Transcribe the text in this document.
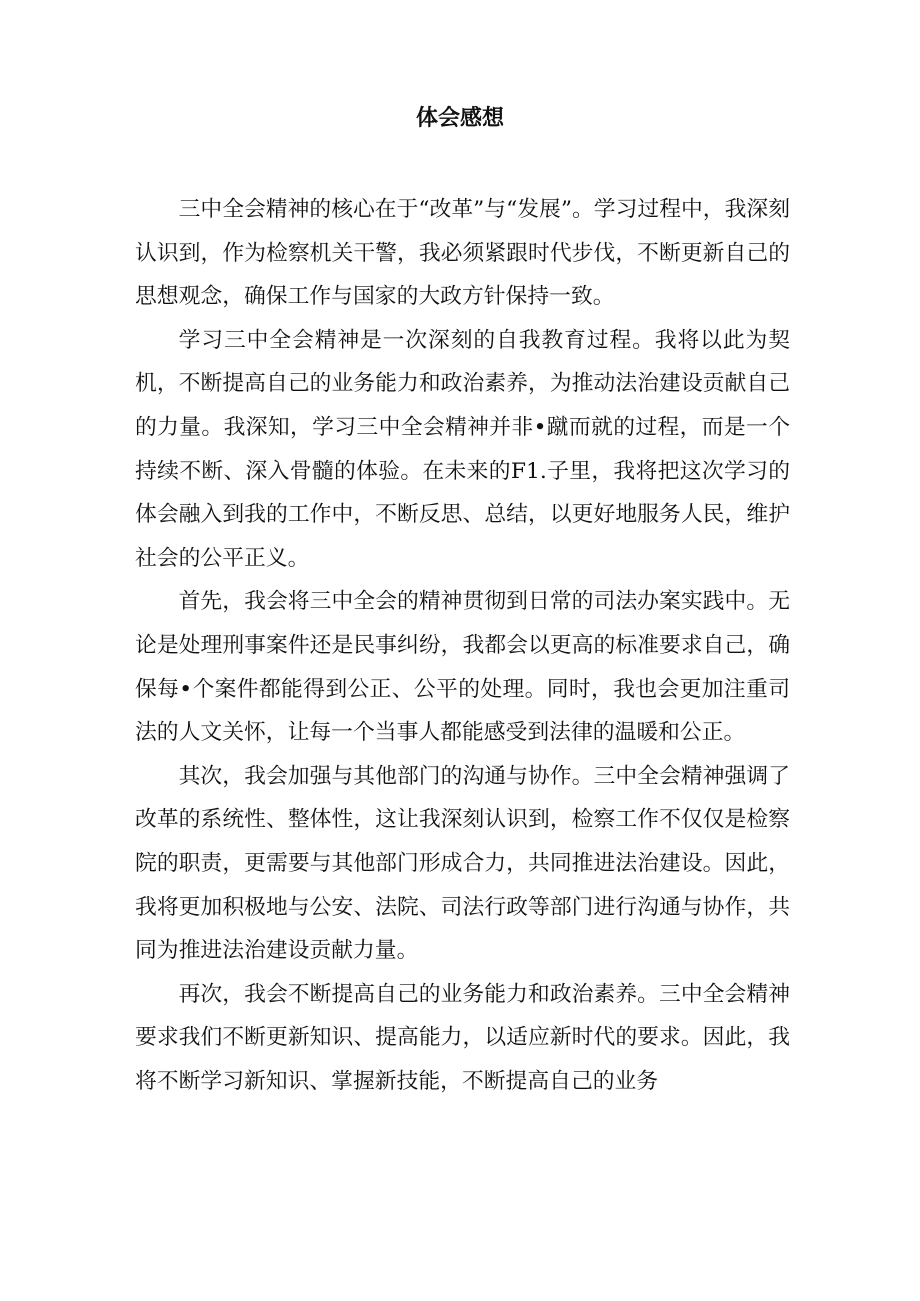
体会感想

三中全会精神的核心在于“改革”与“发展”。学习过程中，我深刻认识到，作为检察机关干警，我必须紧跟时代步伐，不断更新自己的思想观念，确保工作与国家的大政方针保持一致。

学习三中全会精神是一次深刻的自我教育过程。我将以此为契机，不断提高自己的业务能力和政治素养，为推动法治建设贡献自己的力量。我深知，学习三中全会精神并非•蹴而就的过程，而是一个持续不断、深入骨髓的体验。在未来的F1.子里，我将把这次学习的体会融入到我的工作中，不断反思、总结，以更好地服务人民，维护社会的公平正义。

首先，我会将三中全会的精神贯彻到日常的司法办案实践中。无论是处理刑事案件还是民事纠纷，我都会以更高的标准要求自己，确保每•个案件都能得到公正、公平的处理。同时，我也会更加注重司法的人文关怀，让每一个当事人都能感受到法律的温暖和公正。

其次，我会加强与其他部门的沟通与协作。三中全会精神强调了改革的系统性、整体性，这让我深刻认识到，检察工作不仅仅是检察院的职责，更需要与其他部门形成合力，共同推进法治建设。因此，我将更加积极地与公安、法院、司法行政等部门进行沟通与协作，共同为推进法治建设贡献力量。

再次，我会不断提高自己的业务能力和政治素养。三中全会精神要求我们不断更新知识、提高能力，以适应新时代的要求。因此，我将不断学习新知识、掌握新技能，不断提高自己的业务
